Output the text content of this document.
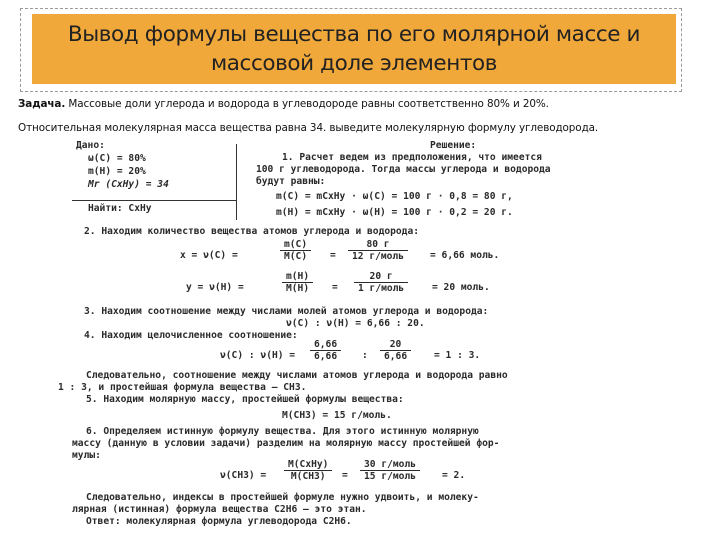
Вывод формулы вещества по его молярной массе и
массовой доле элементов
Задача. Массовые доли углерода и водорода в углеводороде равны соответственно 80% и 20%.
Относительная молекулярная масса вещества равна 34. выведите молекулярную формулу углеводорода.
Дано:
ω(C) = 80%
m(H) = 20%
Mr (CxHy) = 34
Найти: CxHy
Решение:
1. Расчет ведем из предположения, что имеется
100 г углеводорода. Тогда массы углерода и водорода
будут равны:
m(C) = mCxHy · ω(C) = 100 г · 0,8 = 80 г,
m(H) = mCxHy · ω(H) = 100 г · 0,2 = 20 г.
2. Находим количество вещества атомов углерода и водорода:
x = ν(C) =	$\frac{m(C)}{M(C)}$ =
80 г
12 г/моль	= 6,66 моль.
y = ν(H) =	$\frac{m(H)}{M(H)}$ =
20 г
1 г/моль	= 20 моль.
3. Находим соотношение между числами молей атомов углерода и водорода:
ν(C) : ν(H) = 6,66 : 20.
4. Находим целочисленное соотношение:
ν(C) : $\nu(H) = \frac{6,66}{6,66}$ : $\frac{20}{6,66} = 1$ : 3.
Следовательно, соотношение между числами атомов углерода и водорода равно
1 : 3, и простейшая формула вещества — CH3.
5. Находим молярную массу, простейшей формулы вещества:
M(CH3) = 15 г/моль.
6. Определяем истинную формулу вещества. Для этого истинную молярную
массу (данную в условии задачи) разделим на молярную массу простейшей фор-
мулы:
ν(CH3) =
M(CxHy)
M(CH3)	=
30 г/моль
15 г/моль	= 2.
Следовательно, индексы в простейшей формуле нужно удвоить, и молеку-
лярная (истинная) формула вещества C2H6 — это этан.
Ответ: молекулярная формула углеводорода C2H6.
